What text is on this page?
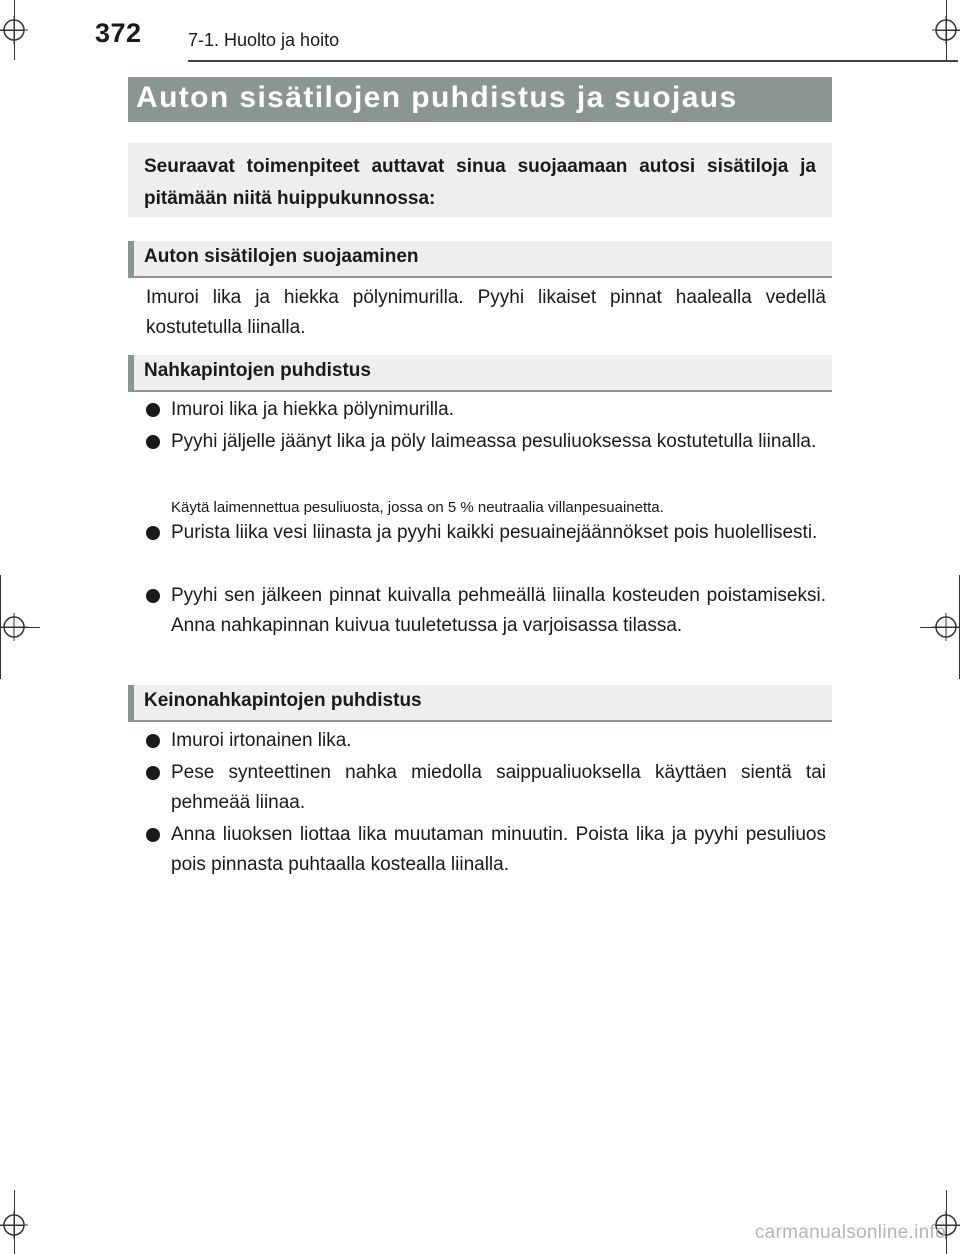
372	7-1. Huolto ja hoito
Auton sisätilojen puhdistus ja suojaus
Seuraavat toimenpiteet auttavat sinua suojaamaan autosi sisätiloja ja pitämään niitä huippukunnossa:
Auton sisätilojen suojaaminen
Imuroi lika ja hiekka pölynimurilla. Pyyhi likaiset pinnat haalealla vedellä kostutetulla liinalla.
Nahkapintojen puhdistus
Imuroi lika ja hiekka pölynimurilla.
Pyyhi jäljelle jäänyt lika ja pöly laimeassa pesuliuoksessa kostutetulla liinalla.
Käytä laimennettua pesuliuosta, jossa on 5 % neutraalia villanpesuainetta.
Purista liika vesi liinasta ja pyyhi kaikki pesuainejäännökset pois huolellisesti.
Pyyhi sen jälkeen pinnat kuivalla pehmeällä liinalla kosteuden poistamiseksi. Anna nahkapinnan kuivua tuuletetussa ja varjoisassa tilassa.
Keinonahkapintojen puhdistus
Imuroi irtonainen lika.
Pese synteettinen nahka miedolla saippualiuoksella käyttäen sientä tai pehmeää liinaa.
Anna liuoksen liottaa lika muutaman minuutin. Poista lika ja pyyhi pesuliuos pois pinnasta puhtaalla kostealla liinalla.
carmanualsonline.info
